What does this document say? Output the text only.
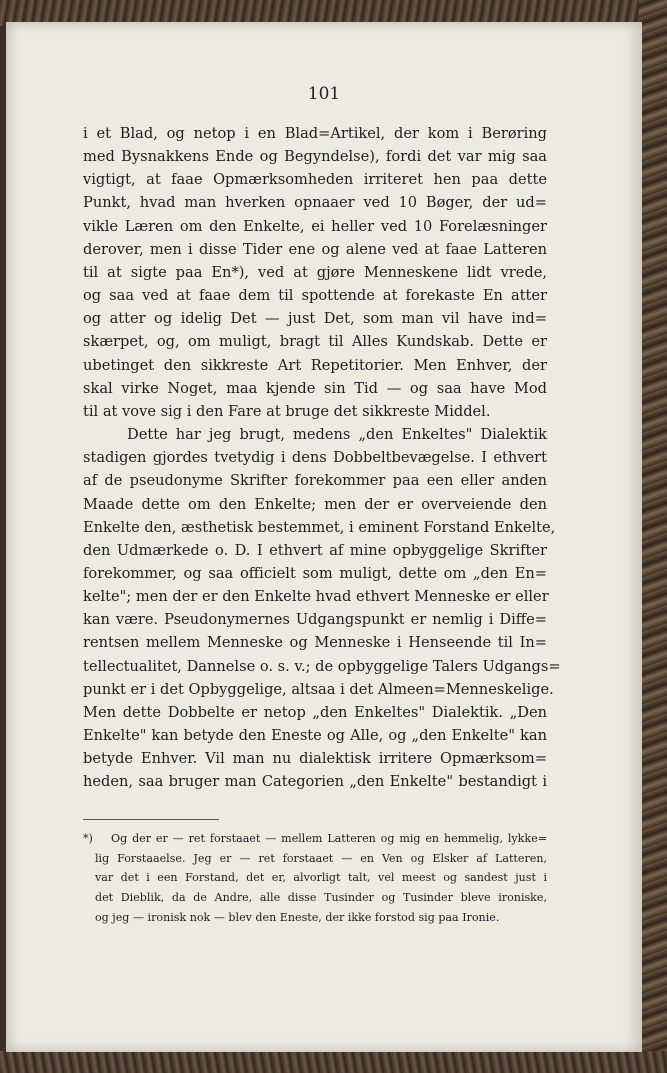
101
i et Blad, og netop i en Blad=Artikel, der kom i Berøring
med Bysnakkens Ende og Begyndelse), fordi det var mig saa
vigtigt, at faae Opmærksomheden irriteret hen paa dette
Punkt, hvad man hverken opnaaer ved 10 Bøger, der ud=
vikle Læren om den Enkelte, ei heller ved 10 Forelæsninger
derover, men i disse Tider ene og alene ved at faae Latteren
til at sigte paa En*), ved at gjøre Menneskene lidt vrede,
og saa ved at faae dem til spottende at forekaste En atter
og atter og idelig Det — just Det, som man vil have ind=
skærpet, og, om muligt, bragt til Alles Kundskab. Dette er
ubetinget den sikkreste Art Repetitorier. Men Enhver, der
skal virke Noget, maa kjende sin Tid — og saa have Mod
til at vove sig i den Fare at bruge det sikkreste Middel.
Dette har jeg brugt, medens „den Enkeltes" Dialektik
stadigen gjordes tvetydig i dens Dobbeltbevægelse. I ethvert
af de pseudonyme Skrifter forekommer paa een eller anden
Maade dette om den Enkelte; men der er overveiende den
Enkelte den, æsthetisk bestemmet, i eminent Forstand Enkelte,
den Udmærkede o. D. I ethvert af mine opbyggelige Skrifter
forekommer, og saa officielt som muligt, dette om „den En=
kelte"; men der er den Enkelte hvad ethvert Menneske er eller
kan være. Pseudonymernes Udgangspunkt er nemlig i Diffe=
rentsen mellem Menneske og Menneske i Henseende til In=
tellectualitet, Dannelse o. s. v.; de opbyggelige Talers Udgangs=
punkt er i det Opbyggelige, altsaa i det Almeen=Menneskelige.
Men dette Dobbelte er netop „den Enkeltes" Dialektik. „Den
Enkelte" kan betyde den Eneste og Alle, og „den Enkelte" kan
betyde Enhver. Vil man nu dialektisk irritere Opmærksom=
heden, saa bruger man Categorien „den Enkelte" bestandigt i
*) Og der er — ret forstaaet — mellem Latteren og mig en hemmelig, lykke=
lig Forstaaelse. Jeg er — ret forstaaet — en Ven og Elsker af Latteren,
var det i een Forstand, det er, alvorligt talt, vel meest og sandest just i
det Dieblik, da de Andre, alle disse Tusinder og Tusinder bleve ironiske,
og jeg — ironisk nok — blev den Eneste, der ikke forstod sig paa Ironie.
